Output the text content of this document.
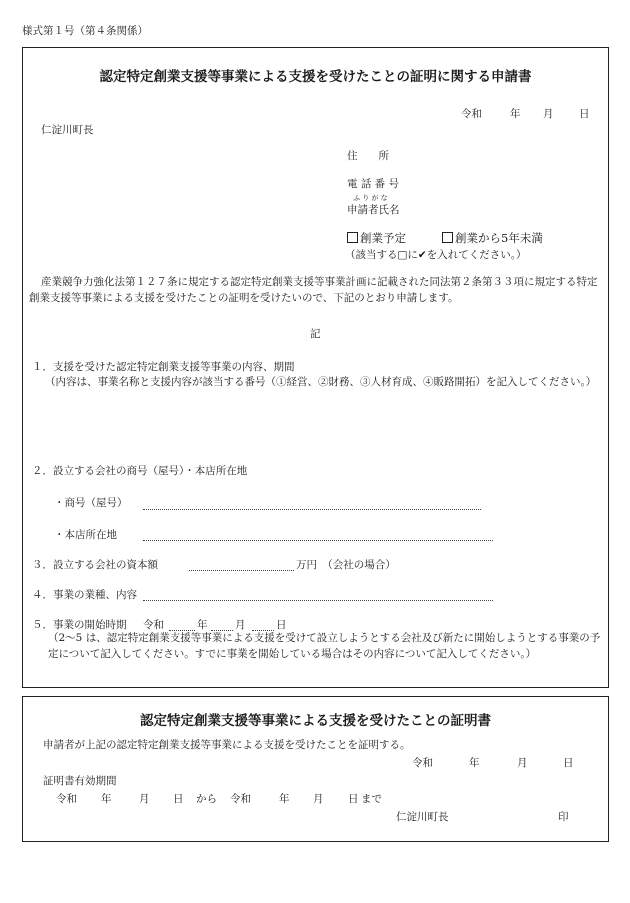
様式第１号（第４条関係）
認定特定創業支援等事業による支援を受けたことの証明に関する申請書
令和	年 月 日
仁淀川町長
住　　所
電 話 番 号
ふ り が な
申請者氏名
創業予定	創業から5年未満
（該当する□に✔を入れてください。）
産業競争力強化法第１２７条に規定する認定特定創業支援等事業計画に記載された同法第２条第３３項に規定する特定創業支援等事業による支援を受けたことの証明を受けたいので、下記のとおり申請します。
記
１．支援を受けた認定特定創業支援等事業の内容、期間
（内容は、事業名称と支援内容が該当する番号（①経営、②財務、③人材育成、④販路開拓）を記入してください。）
２．設立する会社の商号（屋号）・本店所在地
・商号（屋号）
・本店所在地
３．設立する会社の資本額	万円　（会社の場合）
４．事業の業種、内容
５．事業の開始時期 令和	年	月	日
（2～5 は、認定特定創業支援等事業による支援を受けて設立しようとする会社及び新たに開始しようとする事業の予定について記入してください。すでに事業を開始している場合はその内容について記入してください。）
認定特定創業支援等事業による支援を受けたことの証明書
申請者が上記の認定特定創業支援等事業による支援を受けたことを証明する。
令和	年	月	日
証明書有効期間
令和 年	月 日 から 令和	年 月 日 まで
仁淀川町長	印
